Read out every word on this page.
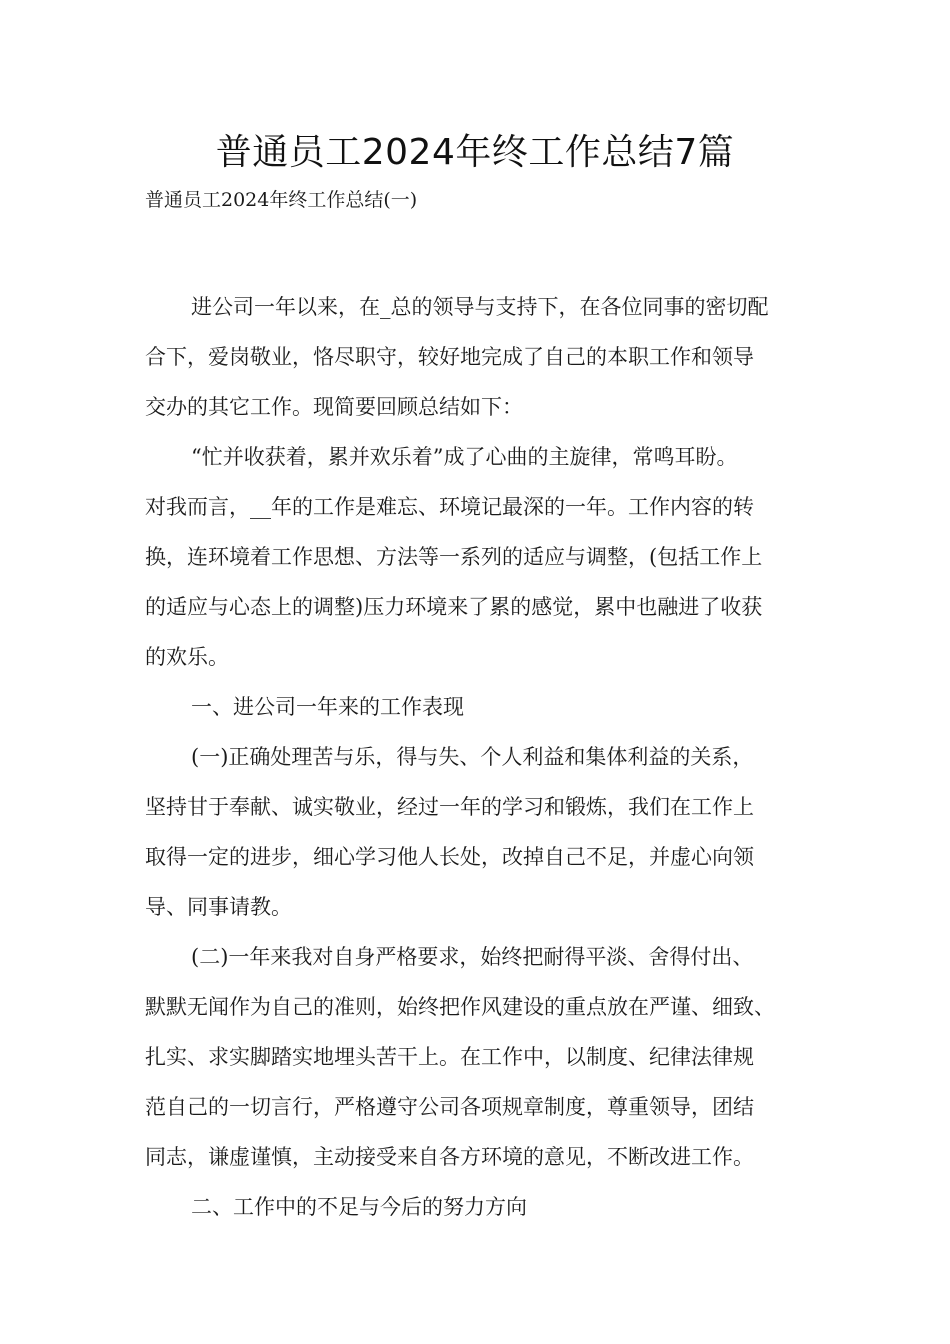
普通员工2024年终工作总结7篇
普通员工2024年终工作总结(一)
进公司一年以来，在_总的领导与支持下，在各位同事的密切配
合下，爱岗敬业，恪尽职守，较好地完成了自己的本职工作和领导
交办的其它工作。现简要回顾总结如下：
“忙并收获着，累并欢乐着”成了心曲的主旋律，常鸣耳盼。
对我而言，__年的工作是难忘、环境记最深的一年。工作内容的转
换，连环境着工作思想、方法等一系列的适应与调整，(包括工作上
的适应与心态上的调整)压力环境来了累的感觉，累中也融进了收获
的欢乐。
一、进公司一年来的工作表现
(一)正确处理苦与乐，得与失、个人利益和集体利益的关系，
坚持甘于奉献、诚实敬业，经过一年的学习和锻炼，我们在工作上
取得一定的进步，细心学习他人长处，改掉自己不足，并虚心向领
导、同事请教。
(二)一年来我对自身严格要求，始终把耐得平淡、舍得付出、
默默无闻作为自己的准则，始终把作风建设的重点放在严谨、细致、
扎实、求实脚踏实地埋头苦干上。在工作中，以制度、纪律法律规
范自己的一切言行，严格遵守公司各项规章制度，尊重领导，团结
同志，谦虚谨慎，主动接受来自各方环境的意见，不断改进工作。
二、工作中的不足与今后的努力方向
